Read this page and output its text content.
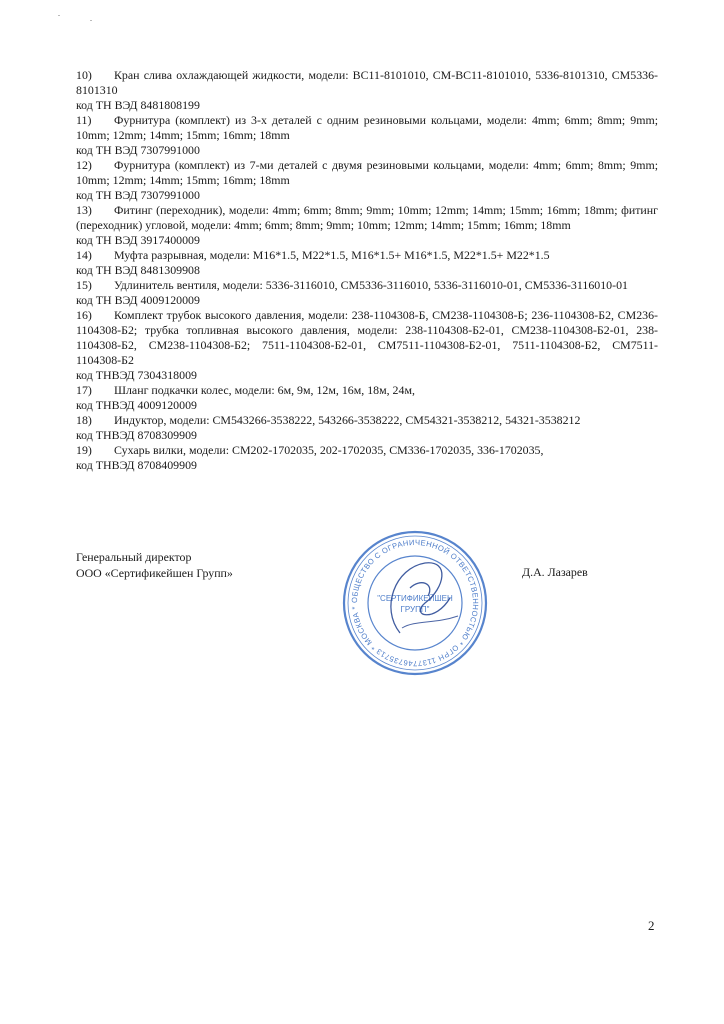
10) Кран слива охлаждающей жидкости, модели: ВС11-8101010, СМ-ВС11-8101010, 5336-8101310, СМ5336-8101310
код ТН ВЭД 8481808199
11) Фурнитура (комплект) из 3-х деталей с одним резиновыми кольцами, модели: 4mm; 6mm; 8mm; 9mm; 10mm; 12mm; 14mm; 15mm; 16mm; 18mm
код ТН ВЭД 7307991000
12) Фурнитура (комплект) из 7-ми деталей с двумя резиновыми кольцами, модели: 4mm; 6mm; 8mm; 9mm; 10mm; 12mm; 14mm; 15mm; 16mm; 18mm
код ТН ВЭД 7307991000
13) Фитинг (переходник), модели: 4mm; 6mm; 8mm; 9mm; 10mm; 12mm; 14mm; 15mm; 16mm; 18mm; фитинг (переходник) угловой, модели: 4mm; 6mm; 8mm; 9mm; 10mm; 12mm; 14mm; 15mm; 16mm; 18mm
код ТН ВЭД 3917400009
14) Муфта разрывная, модели: М16*1.5, М22*1.5, М16*1.5+ М16*1.5, М22*1.5+ М22*1.5
код ТН ВЭД 8481309908
15) Удлинитель вентиля, модели: 5336-3116010, СМ5336-3116010, 5336-3116010-01, СМ5336-3116010-01
код ТН ВЭД 4009120009
16) Комплект трубок высокого давления, модели: 238-1104308-Б, СМ238-1104308-Б; 236-1104308-Б2, СМ236-1104308-Б2; трубка топливная высокого давления, модели: 238-1104308-Б2-01, СМ238-1104308-Б2-01, 238-1104308-Б2, СМ238-1104308-Б2; 7511-1104308-Б2-01, СМ7511-1104308-Б2-01, 7511-1104308-Б2, СМ7511-1104308-Б2
код ТНВЭД 7304318009
17) Шланг подкачки колес, модели: 6м, 9м, 12м, 16м, 18м, 24м,
код ТНВЭД 4009120009
18) Индуктор, модели: СМ543266-3538222, 543266-3538222, СМ54321-3538212, 54321-3538212
код ТНВЭД 8708309909
19) Сухарь вилки, модели: СМ202-1702035, 202-1702035, СМ336-1702035, 336-1702035,
код ТНВЭД 8708409909
Генеральный директор
ООО «Сертификейшен Групп»	Д.А. Лазарев
ОБЩЕСТВО С ОГРАНИЧЕННОЙ ОТВЕТСТВЕННОСТЬЮ * ОГРН 1137746735713 * МОСКВА *
"СЕРТИФИКЕЙШЕН
ГРУПП"
2
